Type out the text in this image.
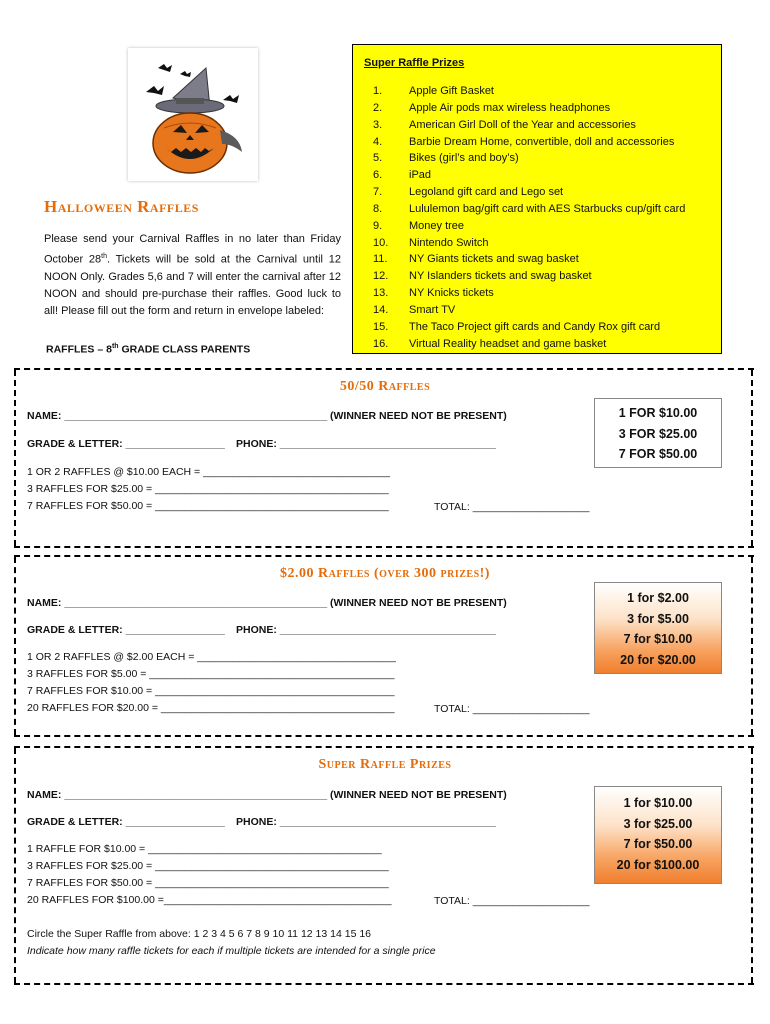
Super Raffle Prizes
1. Apple Gift Basket
2. Apple Air pods max wireless headphones
3. American Girl Doll of the Year and accessories
4. Barbie Dream Home, convertible, doll and accessories
5. Bikes (girl’s and boy’s)
6. iPad
7. Legoland gift card and Lego set
8. Lululemon bag/gift card with AES Starbucks cup/gift card
9. Money tree
10. Nintendo Switch
11. NY Giants tickets and swag basket
12. NY Islanders tickets and swag basket
13. NY Knicks tickets
14. Smart TV
15. The Taco Project gift cards and Candy Rox gift card
16. Virtual Reality headset and game basket
Halloween Raffles
Please send your Carnival Raffles in no later than Friday October 28th. Tickets will be sold at the Carnival until 12 NOON Only. Grades 5,6 and 7 will enter the carnival after 12 NOON and should pre-purchase their raffles. Good luck to all! Please fill out the form and return in envelope labeled:
RAFFLES – 8th GRADE CLASS PARENTS
50/50 Raffles
NAME: _____________________________________________ (WINNER NEED NOT BE PRESENT)
GRADE & LETTER: _________________ PHONE: _____________________________________
1 OR 2 RAFFLES @ $10.00 EACH = ________________________________
3 RAFFLES FOR $25.00 = ________________________________________
7 RAFFLES FOR $50.00 = ________________________________________	TOTAL: ____________________
1 FOR $10.00
3 FOR $25.00
7 FOR $50.00
$2.00 Raffles (over 300 prizes!)
NAME: _____________________________________________ (WINNER NEED NOT BE PRESENT)
GRADE & LETTER: _________________ PHONE: _____________________________________
1 OR 2 RAFFLES @ $2.00 EACH = __________________________________
3 RAFFLES FOR $5.00 = __________________________________________
7 RAFFLES FOR $10.00 = _________________________________________
20 RAFFLES FOR $20.00 = ________________________________________	TOTAL: ____________________
1 for $2.00
3 for $5.00
7 for $10.00
20 for $20.00
Super Raffle Prizes
NAME: _____________________________________________ (WINNER NEED NOT BE PRESENT)
GRADE & LETTER: _________________ PHONE: _____________________________________
1 RAFFLE FOR $10.00 = ________________________________________
3 RAFFLES FOR $25.00 = ________________________________________
7 RAFFLES FOR $50.00 = ________________________________________
20 RAFFLES FOR $100.00 =_______________________________________	TOTAL: ____________________
Circle the Super Raffle from above: 1 2 3 4 5 6 7 8 9 10 11 12 13 14 15 16
Indicate how many raffle tickets for each if multiple tickets are intended for a single price
1 for $10.00
3 for $25.00
7 for $50.00
20 for $100.00
